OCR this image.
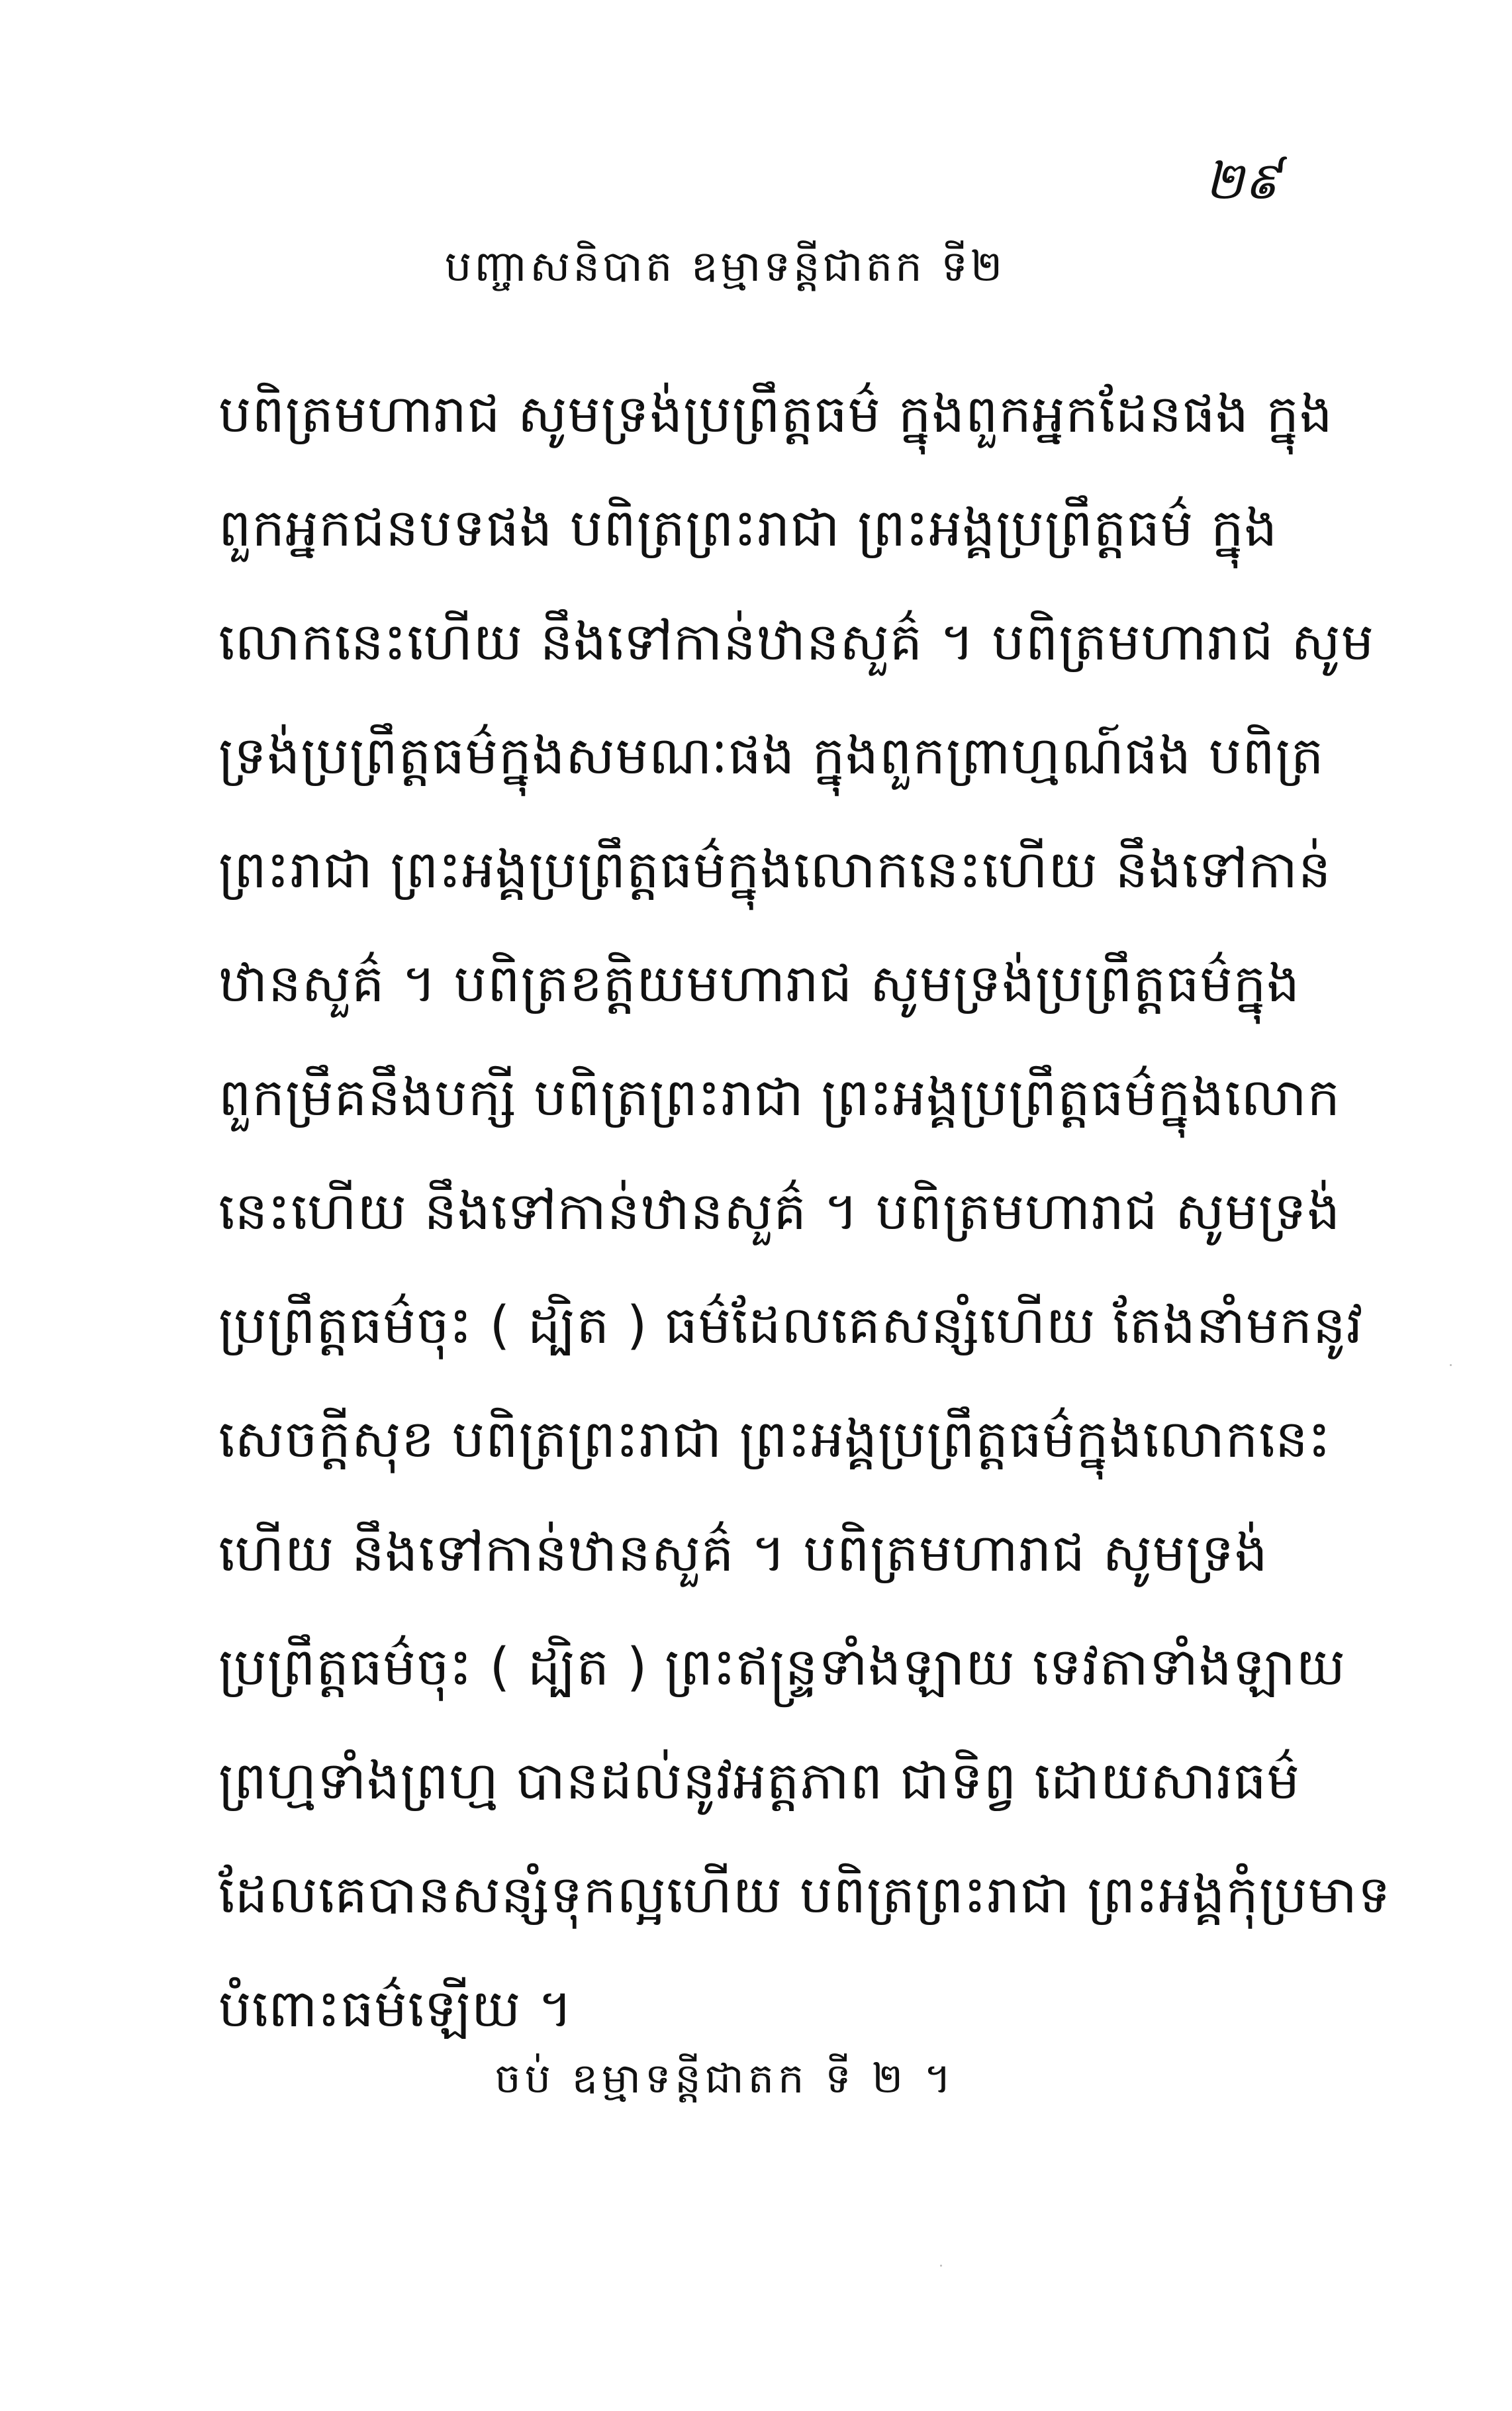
២៩
បញ្ចាសនិបាត ឧម្មាទន្តីជាតក ទី២
បពិត្រមហារាជ សូមទ្រង់ប្រព្រឹត្តធម៌ ក្នុងពួកអ្នកដែនផង ក្នុង
ពួកអ្នកជនបទផង បពិត្រព្រះរាជា ព្រះអង្គប្រព្រឹត្តធម៌ ក្នុង
លោកនេះហើយ នឹងទៅកាន់ឋានសួគ៌ ។ បពិត្រមហារាជ សូម
ទ្រង់ប្រព្រឹត្តធម៌ក្នុងសមណៈផង ក្នុងពួកព្រាហ្មណ៍ផង បពិត្រ
ព្រះរាជា ព្រះអង្គប្រព្រឹត្តធម៌ក្នុងលោកនេះហើយ នឹងទៅកាន់
ឋានសួគ៌ ។ បពិត្រខត្តិយមហារាជ សូមទ្រង់ប្រព្រឹត្តធម៌ក្នុង
ពួកម្រឹគនឹងបក្សី បពិត្រព្រះរាជា ព្រះអង្គប្រព្រឹត្តធម៌ក្នុងលោក
នេះហើយ នឹងទៅកាន់ឋានសួគ៌ ។ បពិត្រមហារាជ សូមទ្រង់
ប្រព្រឹត្តធម៌ចុះ ( ដ្បិត ) ធម៌ដែលគេសន្សំហើយ តែងនាំមកនូវ
សេចក្តីសុខ បពិត្រព្រះរាជា ព្រះអង្គប្រព្រឹត្តធម៌ក្នុងលោកនេះ
ហើយ នឹងទៅកាន់ឋានសួគ៌ ។ បពិត្រមហារាជ សូមទ្រង់
ប្រព្រឹត្តធម៌ចុះ ( ដ្បិត ) ព្រះឥន្ទ្រទាំងឡាយ ទេវតាទាំងឡាយ
ព្រហ្មទាំងព្រហ្ម បានដល់នូវអត្តភាព ជាទិព្វ ដោយសារធម៌
ដែលគេបានសន្សំទុកល្អហើយ បពិត្រព្រះរាជា ព្រះអង្គកុំប្រមាទ
បំពោះធម៌ឡើយ ។
ចប់ ឧម្មាទន្តីជាតក ទី ២ ។
